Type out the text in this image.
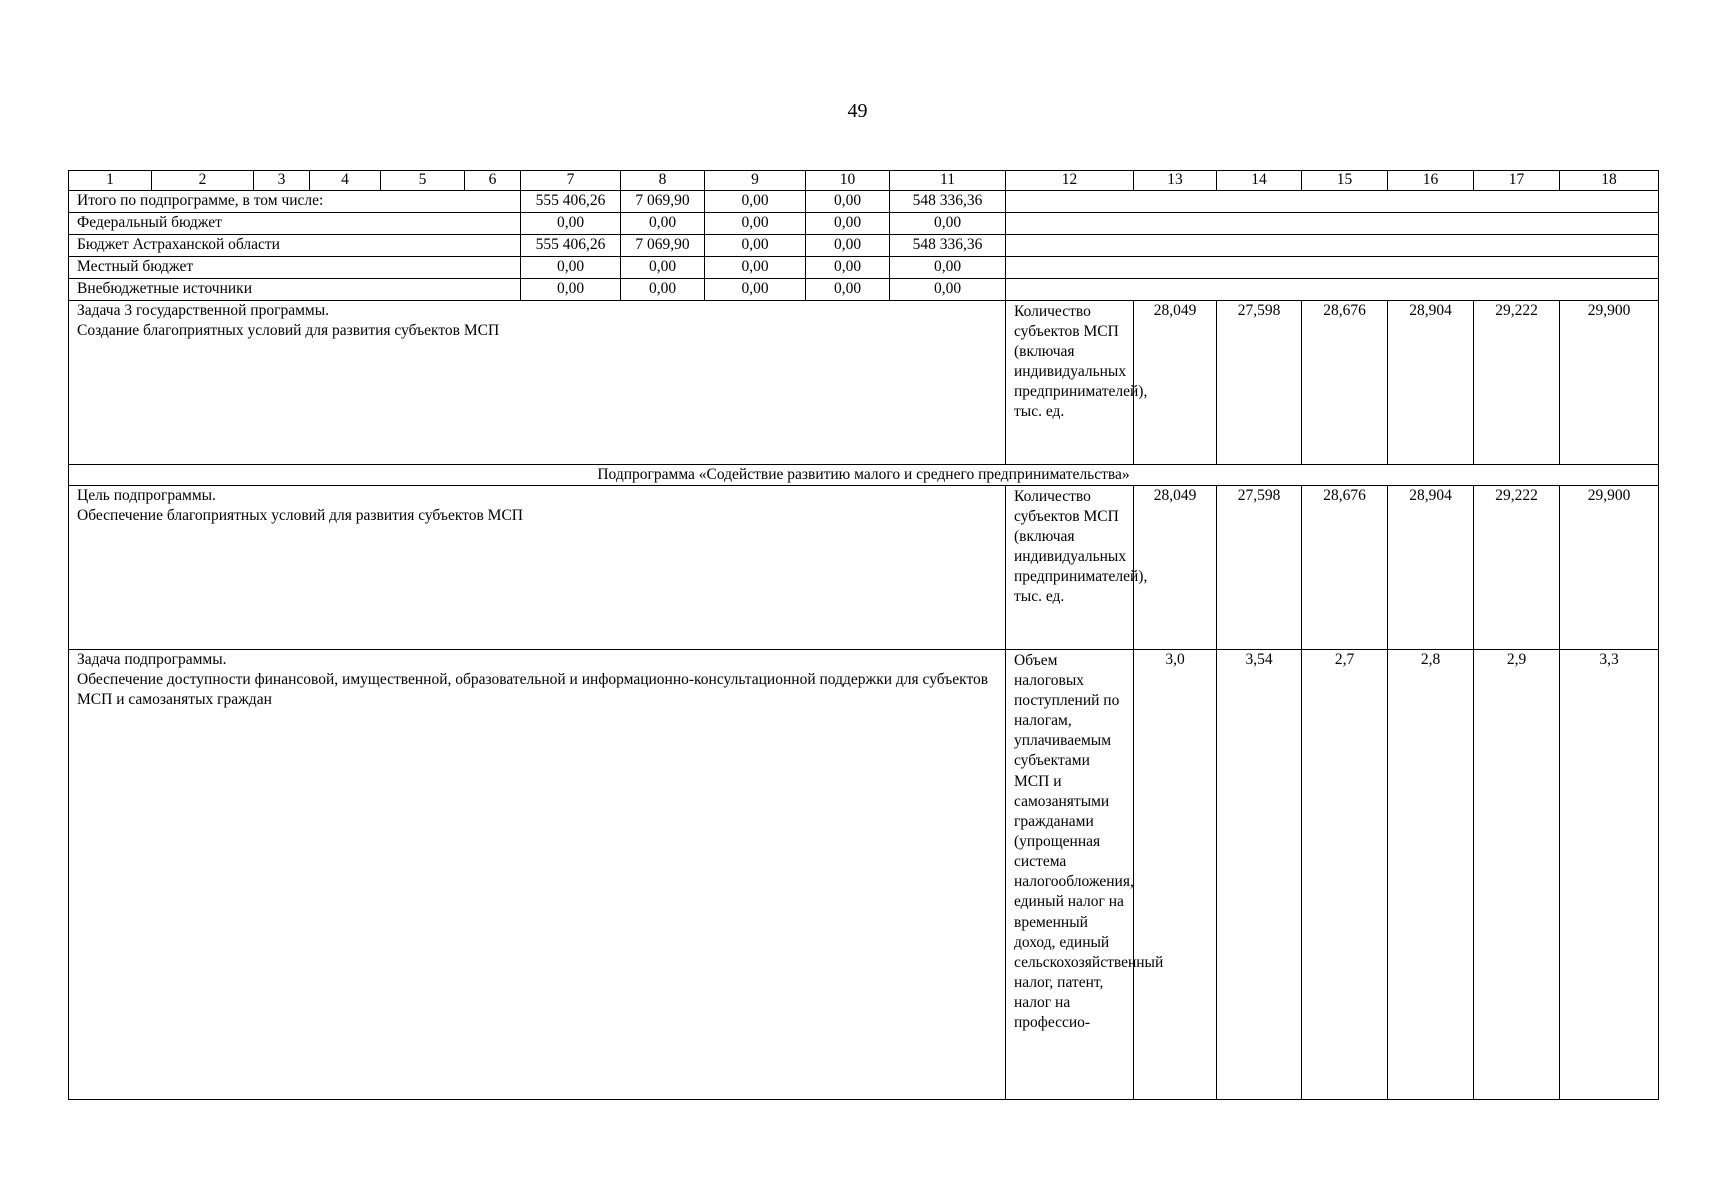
49
1	2	3	4	5	6	7	8	9	10	11	12	13	14	15	16	17	18
Итого по подпрограмме, в том числе:						555 406,26	7 069,90	0,00	0,00	548 336,36							
Федеральный бюджет						0,00	0,00	0,00	0,00	0,00							
Бюджет Астраханской области						555 406,26	7 069,90	0,00	0,00	548 336,36							
Местный бюджет						0,00	0,00	0,00	0,00	0,00							
Внебюджетные источники						0,00	0,00	0,00	0,00	0,00							

Задача 3 государственной программы.
Создание благоприятных условий для развития субъектов МСП											Количество субъектов МСП (включая индивидуальных предпринимателей), тыс. ед.	28,049	27,598	28,676	28,904	29,222	29,900
Подпрограмма «Содействие развитию малого и среднего предпринимательства»																	

Цель подпрограммы.
Обеспечение благоприятных условий для развития субъектов МСП											Количество субъектов МСП (включая индивидуальных предпринимателей), тыс. ед.	28,049	27,598	28,676	28,904	29,222	29,900

Задача подпрограммы.
Обеспечение доступности финансовой, имущественной, образовательной и информационно-консультационной поддержки для субъектов МСП и самозанятых граждан											Объем налоговых поступлений по налогам, уплачиваемым субъектами МСП и самозанятыми гражданами (упрощенная система налогообложения, единый налог на временный доход, единый сельскохозяйственный налог, патент, налог на профессио-	3,0	3,54	2,7	2,8	2,9	3,3
